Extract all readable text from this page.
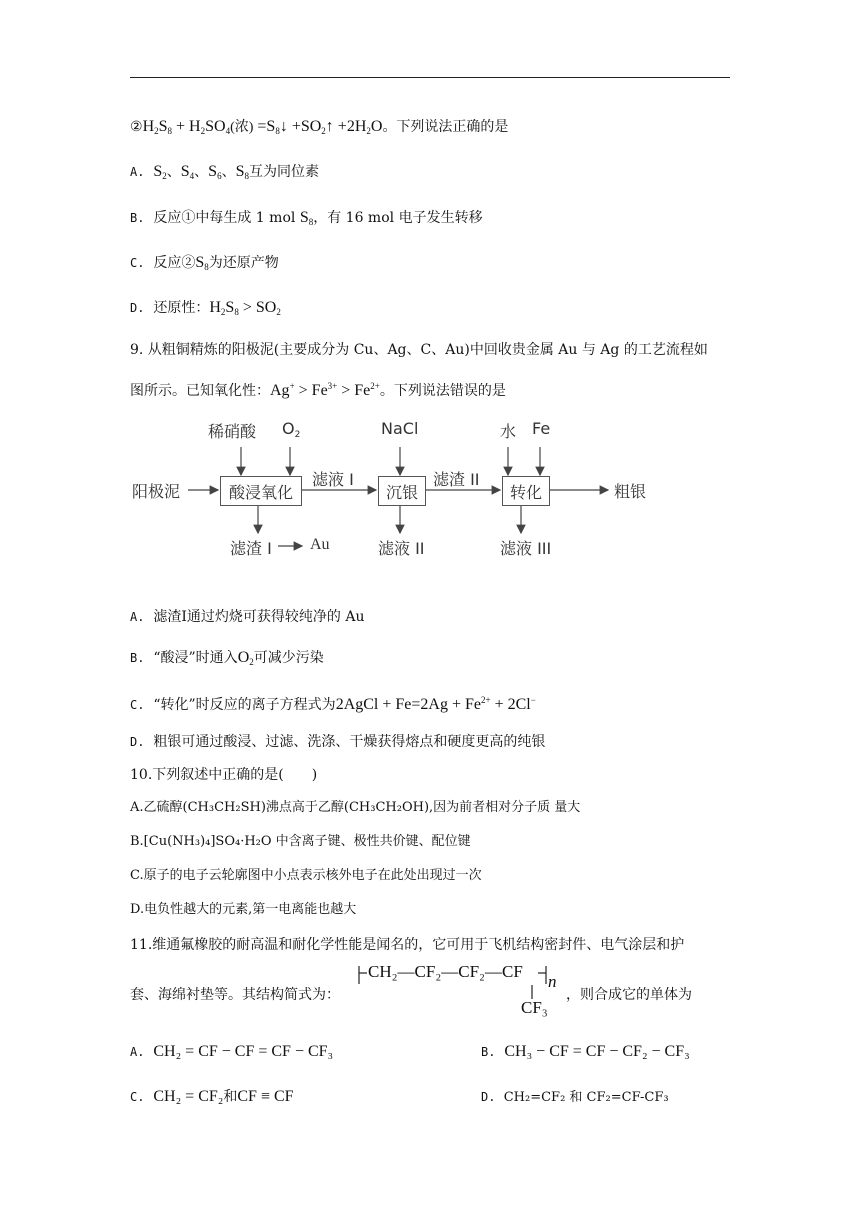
$②H_2S_8 + H_2SO_4$(浓) $=S_8↓$ $+SO_2↑ +2H_2O$。下列说法正确的是
A. $S_2$、$S_4$、$S_6$、$S_8$互为同位素
B. 反应①中每生成 1 mol $S_8$，有 16 mol 电子发生转移
C. 反应$②S_8$为还原产物
D. 还原性：$H_2S_8 > SO_2$
9. 从粗铜精炼的阳极泥(主要成分为 Cu、Ag、C、Au)中回收贵金属 Au 与 Ag 的工艺流程如
图所示。已知氧化性：$Ag^+ > Fe^{3+} > Fe^{2+}$。下列说法错误的是
阳极泥	酸浸氧化
稀硝酸 $O_2$
滤液 I
沉银
NaCl
滤渣 II
转化
水 Fe
粗银
滤渣 I Au	滤液 II	滤液 III
A. 滤渣I通过灼烧可获得较纯净的 Au
B. “酸浸”时通入$O_2$可减少污染
C. “转化”时反应的离子方程式为2AgCl + $Fe=2Ag + Fe^{2+} + 2Cl^-$
D. 粗银可通过酸浸、过滤、洗涤、干燥获得熔点和硬度更高的纯银
10.下列叙述中正确的是(　　)
A.乙硫醇(CH₃CH₂SH)沸点高于乙醇(CH₃CH₂OH),因为前者相对分子质 量大
B.[Cu(NH₃)₄]SO₄·H₂O 中含离子键、极性共价键、配位键
C.原子的电子云轮廓图中小点表示核外电子在此处出现过一次
D.电负性越大的元素,第一电离能也越大
11.维通氟橡胶的耐高温和耐化学性能是闻名的，它可用于飞机结构密封件、电气涂层和护
套、海绵衬垫等。其结构简式为：	，则合成它的单体为
CH₂—CF₂—CF₂—CF
n
CF₃
A. CH₂ = CF − CF = CF − CF₃	B. CH₃ − CF = CF − CF₂ − CF₃
C. CH₂ = CF₂和CF ≡ CF	D. CH₂=CF₂ 和 CF₂=CF-CF₃
